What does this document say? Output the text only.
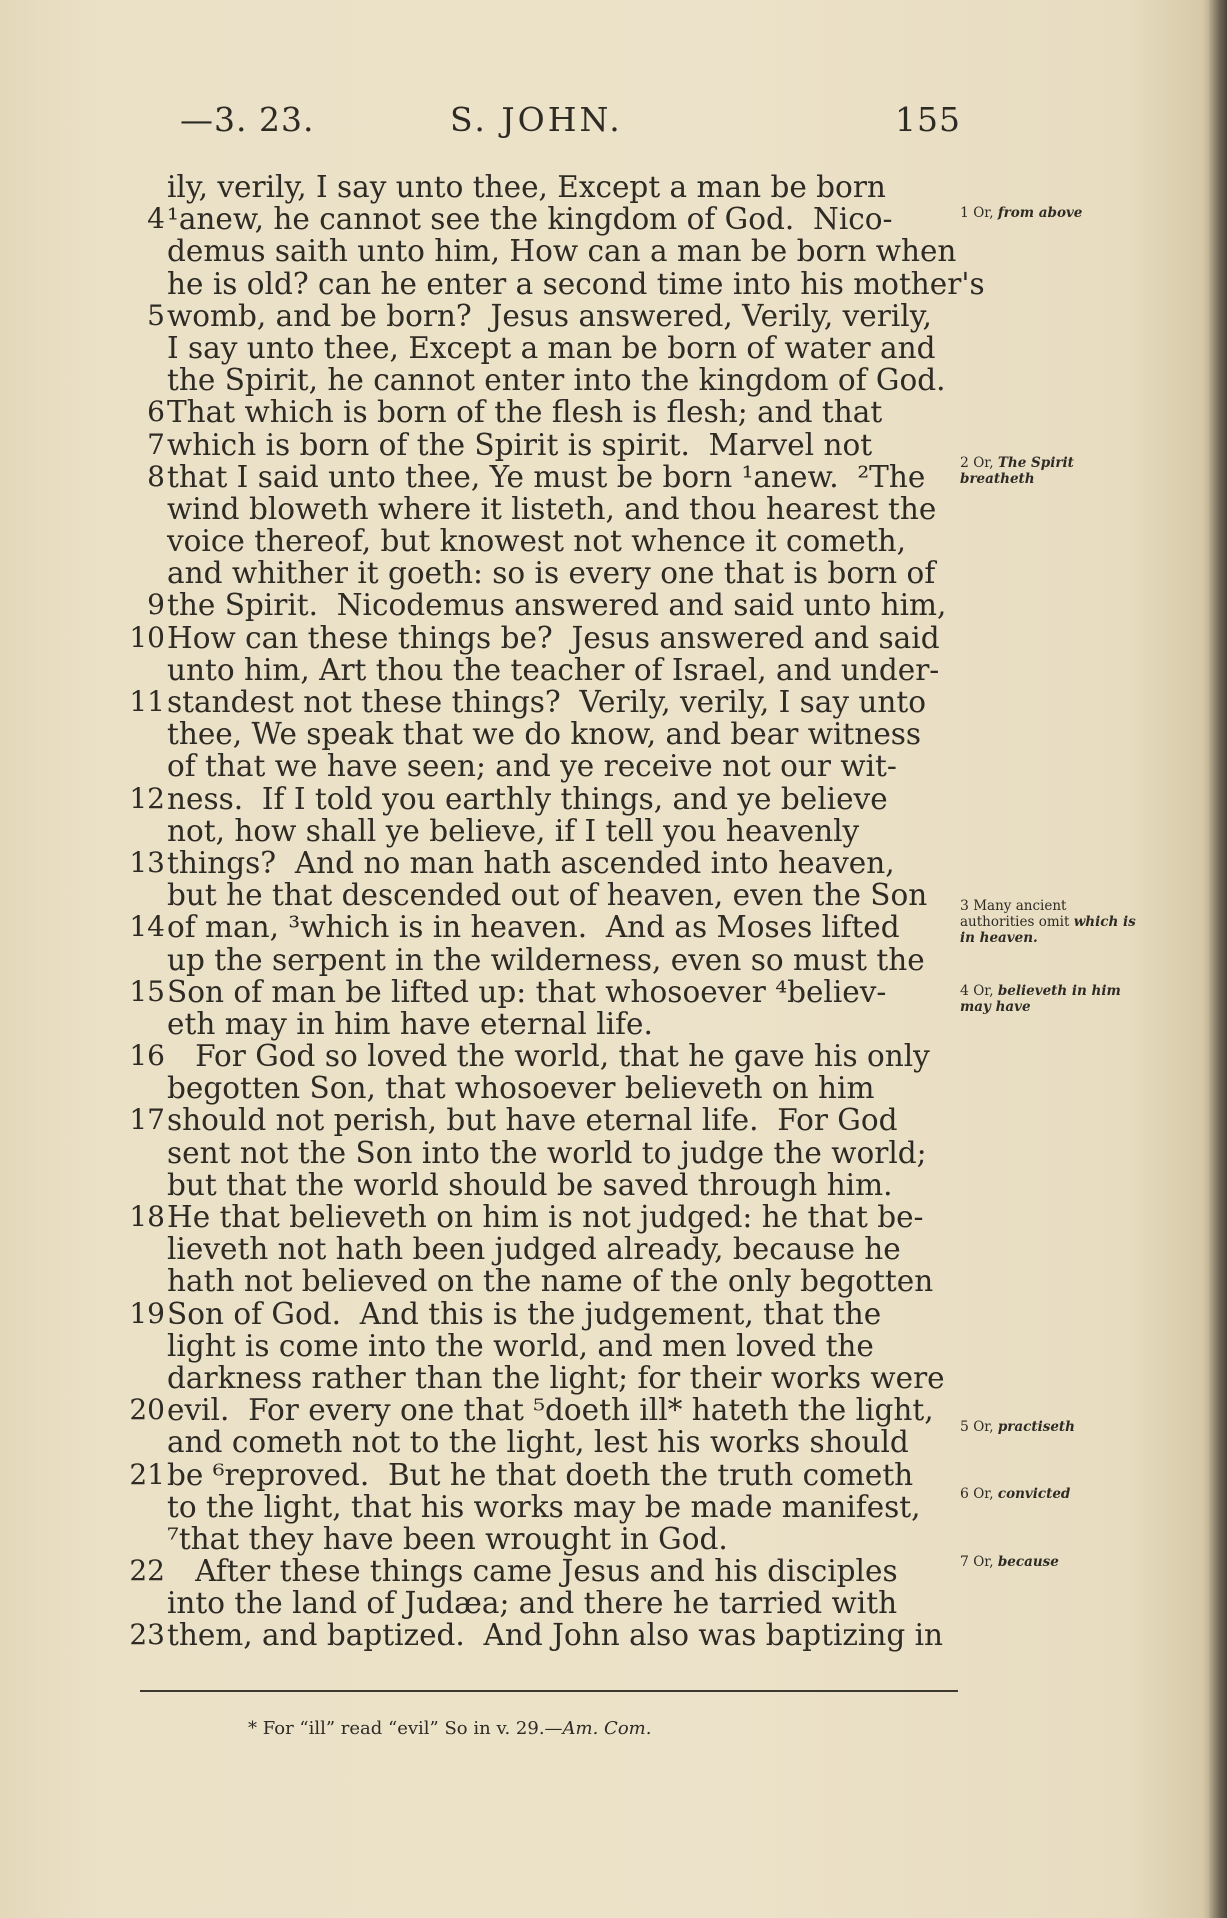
—3. 23.	S. JOHN.	155
ily, verily, I say unto thee, Except a man be born
4 ¹anew, he cannot see the kingdom of God.  Nico-
demus saith unto him, How can a man be born when
he is old? can he enter a second time into his mother's
5 womb, and be born?  Jesus answered, Verily, verily,
I say unto thee, Except a man be born of water and
the Spirit, he cannot enter into the kingdom of God.
6 That which is born of the flesh is flesh; and that
7 which is born of the Spirit is spirit.  Marvel not
8 that I said unto thee, Ye must be born ¹anew.  ²The
wind bloweth where it listeth, and thou hearest the
voice thereof, but knowest not whence it cometh,
and whither it goeth: so is every one that is born of
9 the Spirit.  Nicodemus answered and said unto him,
10 How can these things be?  Jesus answered and said
unto him, Art thou the teacher of Israel, and under-
11 standest not these things?  Verily, verily, I say unto
thee, We speak that we do know, and bear witness
of that we have seen; and ye receive not our wit-
12 ness.  If I told you earthly things, and ye believe
not, how shall ye believe, if I tell you heavenly
13 things?  And no man hath ascended into heaven,
but he that descended out of heaven, even the Son
14 of man, ³which is in heaven.  And as Moses lifted
up the serpent in the wilderness, even so must the
15 Son of man be lifted up: that whosoever ⁴believ-
eth may in him have eternal life.
16 For God so loved the world, that he gave his only
begotten Son, that whosoever believeth on him
17 should not perish, but have eternal life.  For God
sent not the Son into the world to judge the world;
but that the world should be saved through him.
18 He that believeth on him is not judged: he that be-
lieveth not hath been judged already, because he
hath not believed on the name of the only begotten
19 Son of God.  And this is the judgement, that the
light is come into the world, and men loved the
darkness rather than the light; for their works were
20 evil.  For every one that ⁵doeth ill* hateth the light,
and cometh not to the light, lest his works should
21 be ⁶reproved.  But he that doeth the truth cometh
to the light, that his works may be made manifest,
⁷that they have been wrought in God.
22 After these things came Jesus and his disciples
into the land of Judæa; and there he tarried with
23 them, and baptized.  And John also was baptizing in
1 Or, from above
2 Or, The Spirit breatheth
3 Many ancient authorities omit which is in heaven.
4 Or, believeth in him may have
5 Or, practiseth
6 Or, convicted
7 Or, because
* For “ill” read “evil” So in v. 29.—Am. Com.
